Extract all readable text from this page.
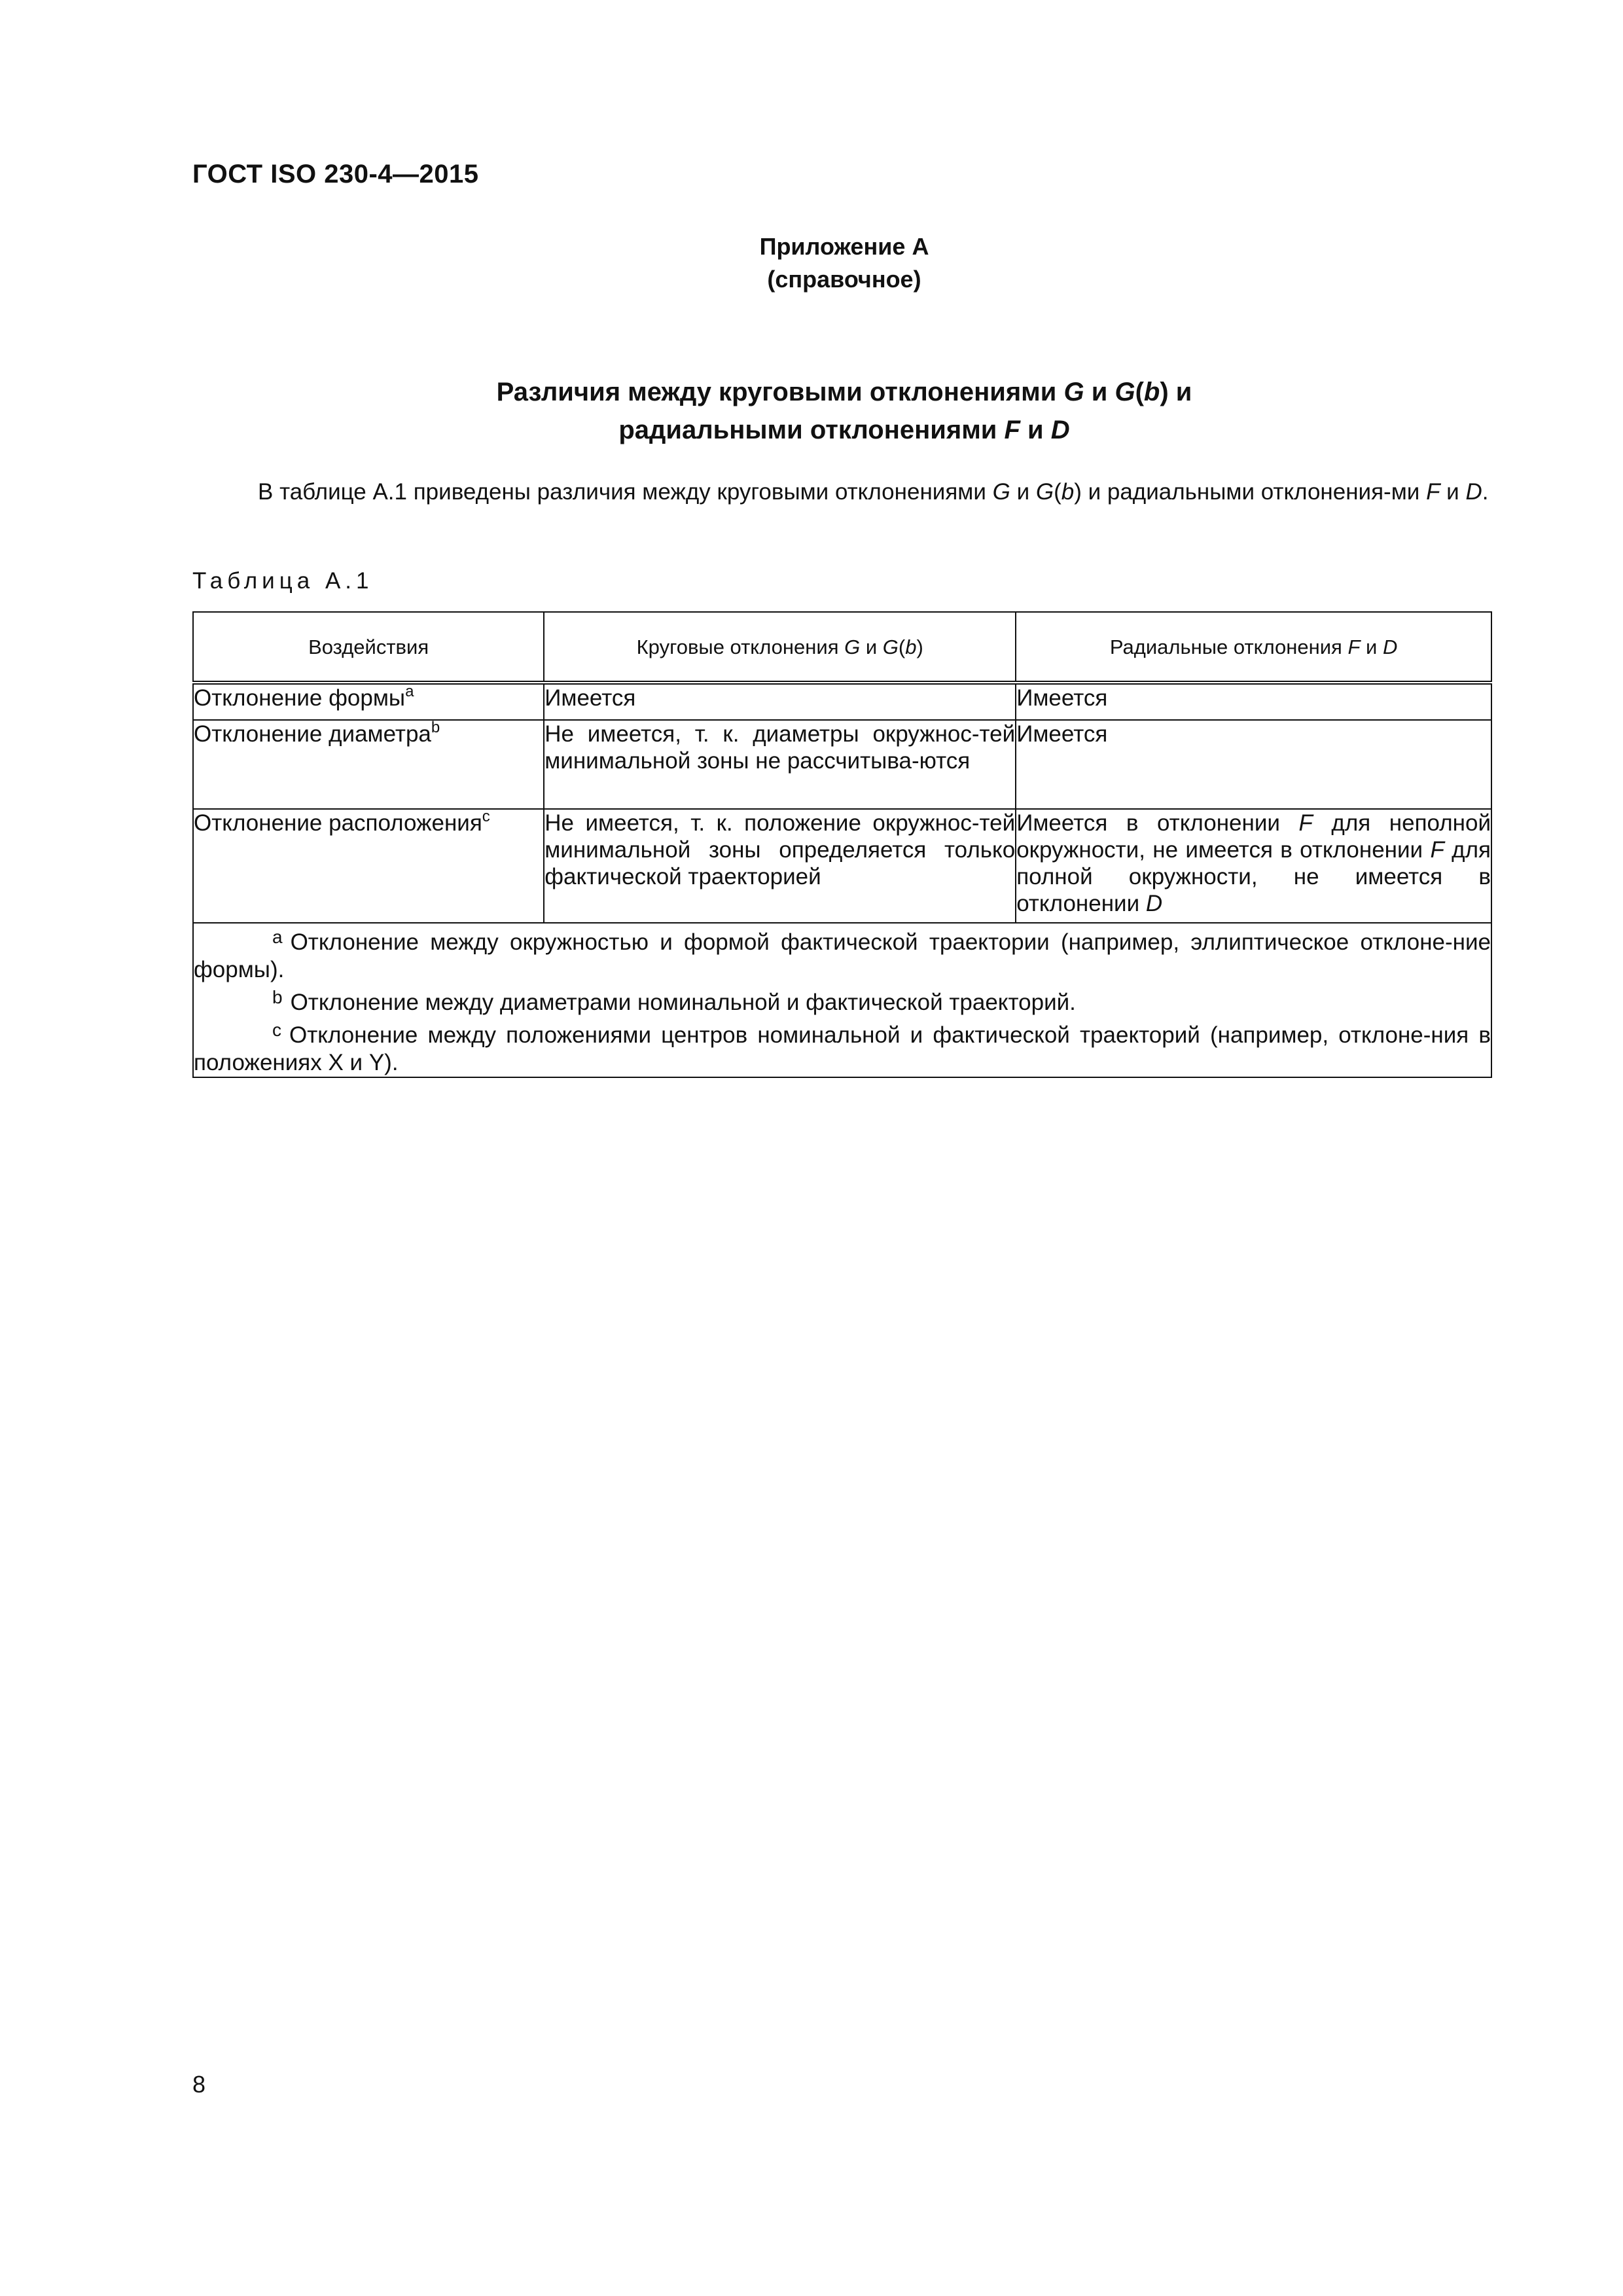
ГОСТ ISO 230-4—2015
Приложение А
(справочное)
Различия между круговыми отклонениями G и G(b) и
радиальными отклонениями F и D
В таблице А.1 приведены различия между круговыми отклонениями G и G(b) и радиальными отклонения-ми F и D.
Таблица А.1
Воздействия	Круговые отклонения G и G(b)	Радиальные отклонения F и D
Отклонение формы$^a$	Имеется	Имеется
Отклонение диаметра$^b$	Не имеется, т. к. диаметры окружнос-тей минимальной зоны не рассчитыва-ются	Имеется
Отклонение расположения$^c$	Не имеется, т. к. положение окружнос-тей минимальной зоны определяется только фактической траекторией	Имеется в отклонении F для неполной окружности, не имеется в отклонении F для полной окружности, не имеется в отклонении D

$^a$ Отклонение между окружностью и формой фактической траектории (например, эллиптическое отклоне-ние формы).
$^b$ Отклонение между диаметрами номинальной и фактической траекторий.
$^c$ Отклонение между положениями центров номинальной и фактической траекторий (например, отклоне-ния в положениях X и Y).		
8
